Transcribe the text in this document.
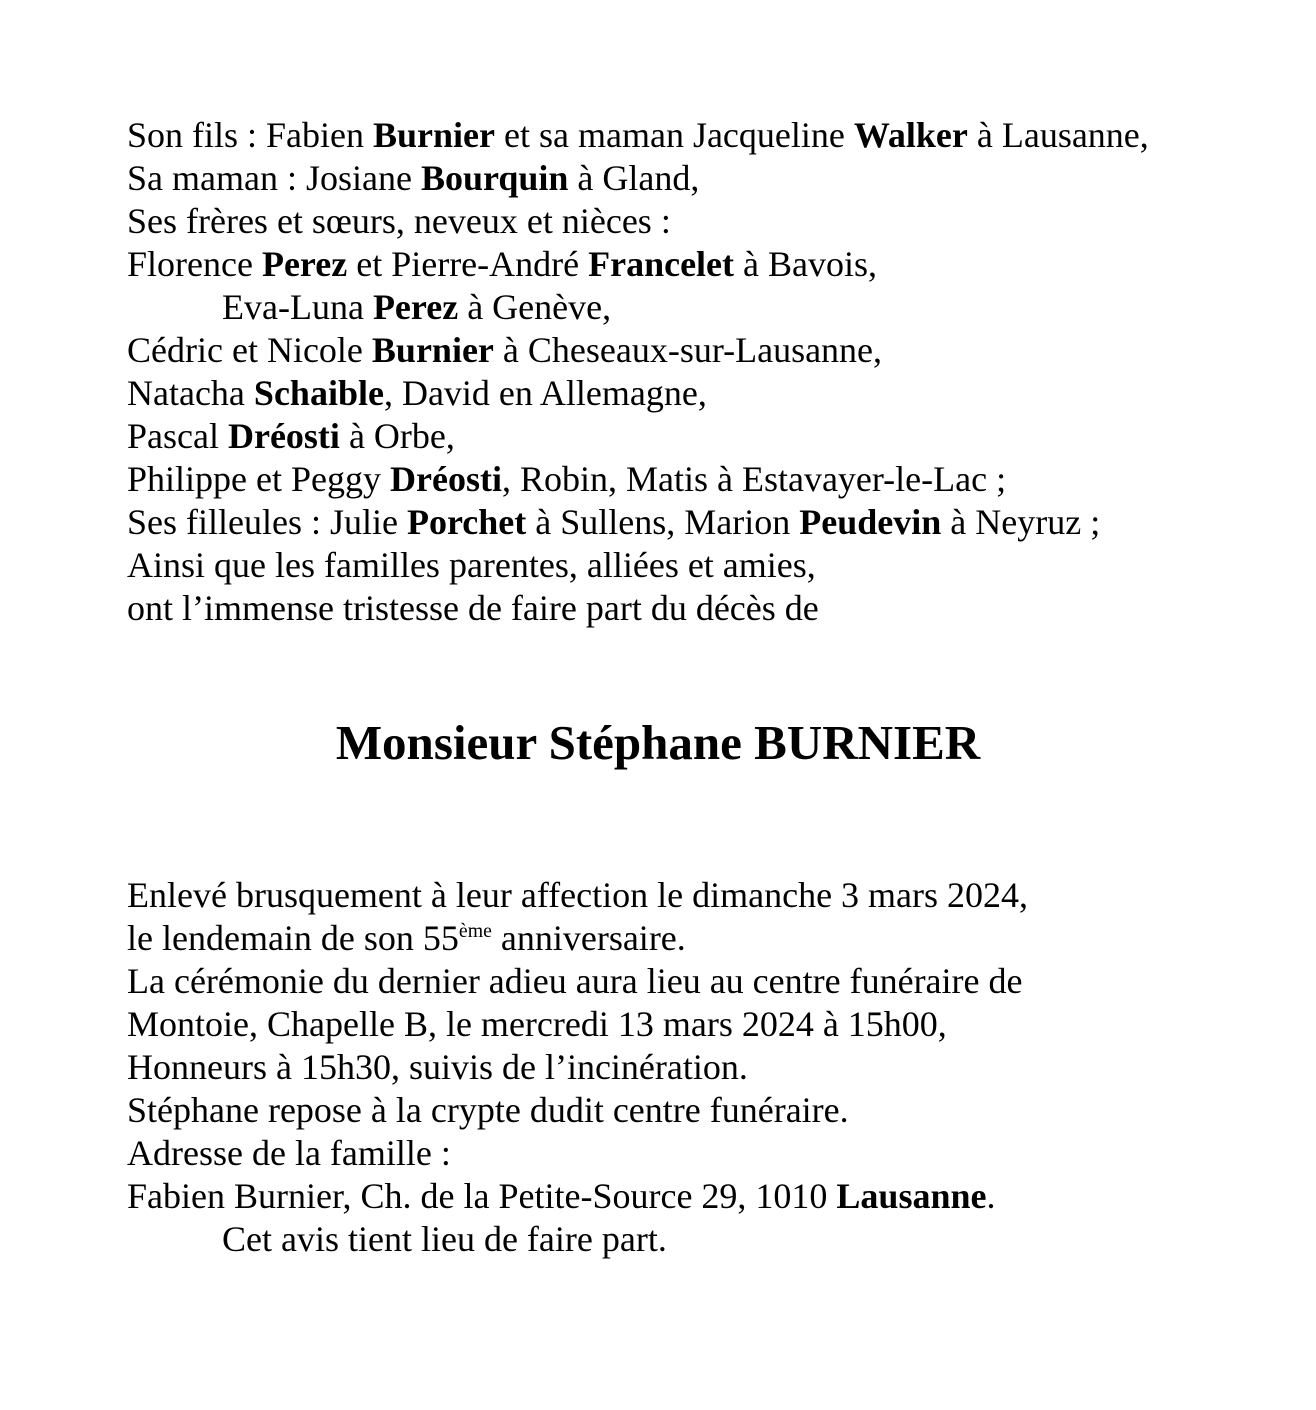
Son fils : Fabien Burnier et sa maman Jacqueline Walker à Lausanne,
Sa maman : Josiane Bourquin à Gland,
Ses frères et sœurs, neveux et nièces :
Florence Perez et Pierre-André Francelet à Bavois,
Eva-Luna Perez à Genève,
Cédric et Nicole Burnier à Cheseaux-sur-Lausanne,
Natacha Schaible, David en Allemagne,
Pascal Dréosti à Orbe,
Philippe et Peggy Dréosti, Robin, Matis à Estavayer-le-Lac ;
Ses filleules : Julie Porchet à Sullens, Marion Peudevin à Neyruz ;
Ainsi que les familles parentes, alliées et amies,
ont l’immense tristesse de faire part du décès de
Monsieur Stéphane BURNIER
Enlevé brusquement à leur affection le dimanche 3 mars 2024,
le lendemain de son 55ème anniversaire.
La cérémonie du dernier adieu aura lieu au centre funéraire de
Montoie, Chapelle B, le mercredi 13 mars 2024 à 15h00,
Honneurs à 15h30, suivis de l’incinération.
Stéphane repose à la crypte dudit centre funéraire.
Adresse de la famille :
Fabien Burnier, Ch. de la Petite-Source 29, 1010 Lausanne.
Cet avis tient lieu de faire part.
